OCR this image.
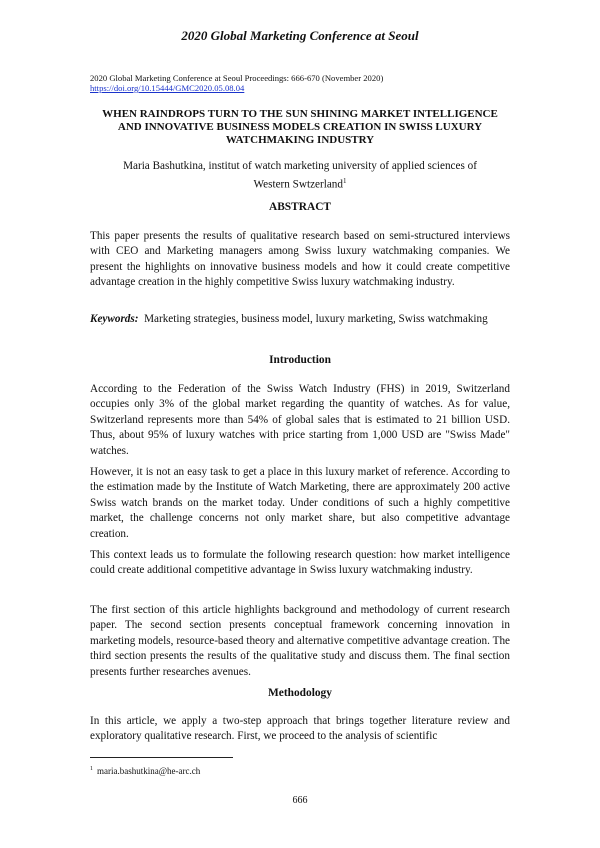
2020 Global Marketing Conference at Seoul
2020 Global Marketing Conference at Seoul Proceedings: 666-670 (November 2020)
https://doi.org/10.15444/GMC2020.05.08.04
WHEN RAINDROPS TURN TO THE SUN SHINING MARKET INTELLIGENCE AND INNOVATIVE BUSINESS MODELS CREATION IN SWISS LUXURY WATCHMAKING INDUSTRY
Maria Bashutkina, institut of watch marketing university of applied sciences of
Western Swtzerland$^1$
ABSTRACT

This paper presents the results of qualitative research based on semi-structured interviews with CEO and Marketing managers among Swiss luxury watchmaking companies. We present the highlights on innovative business models and how it could create competitive advantage creation in the highly competitive Swiss luxury watchmaking industry.

Keywords: Marketing strategies, business model, luxury marketing, Swiss watchmaking

Introduction

According to the Federation of the Swiss Watch Industry (FHS) in 2019, Switzerland occupies only 3% of the global market regarding the quantity of watches. As for value, Switzerland represents more than 54% of global sales that is estimated to 21 billion USD. Thus, about 95% of luxury watches with price starting from 1,000 USD are "Swiss Made" watches.

However, it is not an easy task to get a place in this luxury market of reference. According to the estimation made by the Institute of Watch Marketing, there are approximately 200 active Swiss watch brands on the market today. Under conditions of such a highly competitive market, the challenge concerns not only market share, but also competitive advantage creation.

This context leads us to formulate the following research question: how market intelligence could create additional competitive advantage in Swiss luxury watchmaking industry.

The first section of this article highlights background and methodology of current research paper. The second section presents conceptual framework concerning innovation in marketing models, resource-based theory and alternative competitive advantage creation. The third section presents the results of the qualitative study and discuss them. The final section presents further researches avenues.

Methodology

In this article, we apply a two-step approach that brings together literature review and exploratory qualitative research. First, we proceed to the analysis of scientific

$^1$ maria.bashutkina@he-arc.ch
666
